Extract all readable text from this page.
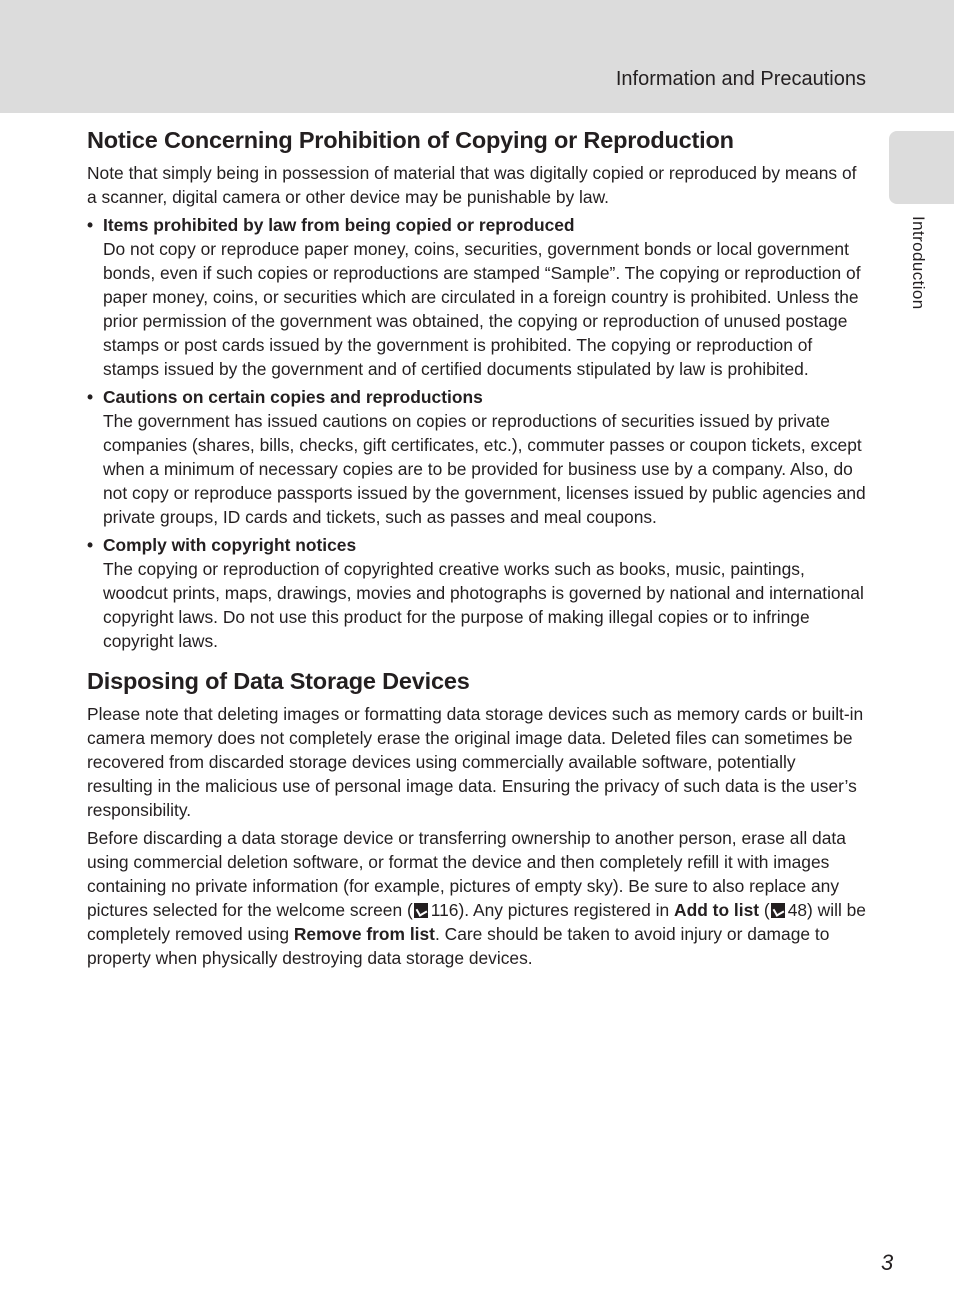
Information and Precautions
Introduction
Notice Concerning Prohibition of Copying or Reproduction

Note that simply being in possession of material that was digitally copied or reproduced by means of a scanner, digital camera or other device may be punishable by law.

• Items prohibited by law from being copied or reproduced
Do not copy or reproduce paper money, coins, securities, government bonds or local government bonds, even if such copies or reproductions are stamped “Sample”. The copying or reproduction of paper money, coins, or securities which are circulated in a foreign country is prohibited. Unless the prior permission of the government was obtained, the copying or reproduction of unused postage stamps or post cards issued by the government is prohibited. The copying or reproduction of stamps issued by the government and of certified documents stipulated by law is prohibited.
• Cautions on certain copies and reproductions
The government has issued cautions on copies or reproductions of securities issued by private companies (shares, bills, checks, gift certificates, etc.), commuter passes or coupon tickets, except when a minimum of necessary copies are to be provided for business use by a company. Also, do not copy or reproduce passports issued by the government, licenses issued by public agencies and private groups, ID cards and tickets, such as passes and meal coupons.
• Comply with copyright notices
The copying or reproduction of copyrighted creative works such as books, music, paintings, woodcut prints, maps, drawings, movies and photographs is governed by national and international copyright laws. Do not use this product for the purpose of making illegal copies or to infringe copyright laws.
Disposing of Data Storage Devices

Please note that deleting images or formatting data storage devices such as memory cards or built-in camera memory does not completely erase the original image data. Deleted files can sometimes be recovered from discarded storage devices using commercially available software, potentially resulting in the malicious use of personal image data. Ensuring the privacy of such data is the user’s responsibility.

Before discarding a data storage device or transferring ownership to another person, erase all data using commercial deletion software, or format the device and then completely refill it with images containing no private information (for example, pictures of empty sky). Be sure to also replace any pictures selected for the welcome screen ( 116). Any pictures registered in Add to list ( 48) will be completely removed using Remove from list. Care should be taken to avoid injury or damage to property when physically destroying data storage devices.

3
